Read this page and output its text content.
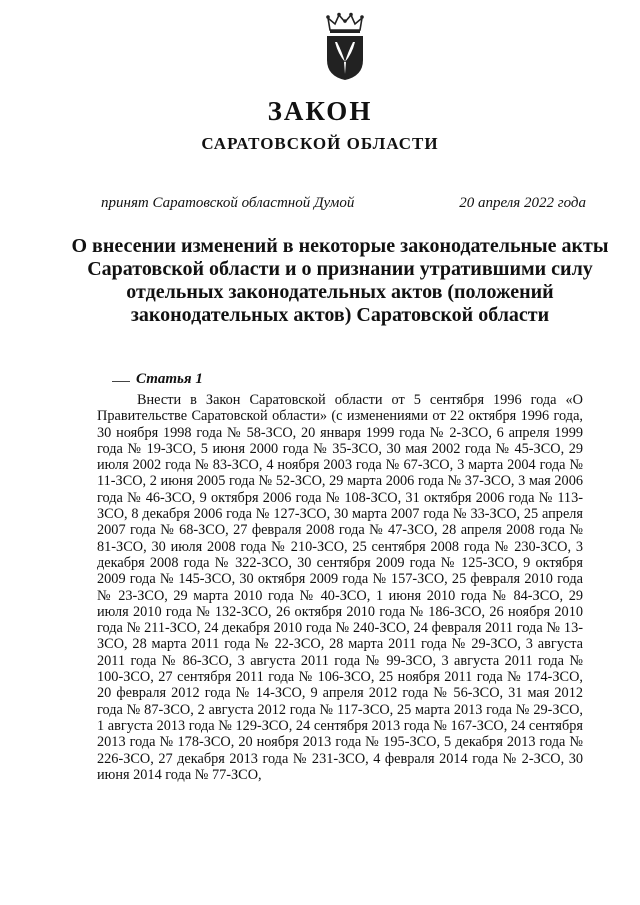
ЗАКОН
САРАТОВСКОЙ ОБЛАСТИ
принят Саратовской областной Думой	20 апреля 2022 года
О внесении изменений в некоторые законодательные акты Саратовской области и о признании утратившими силу отдельных законодательных актов (положений законодательных актов) Саратовской области
Статья 1
Внести в Закон Саратовской области от 5 сентября 1996 года «О Правительстве Саратовской области» (с изменениями от 22 октября 1996 года, 30 ноября 1998 года № 58-ЗСО, 20 января 1999 года № 2-ЗСО, 6 апреля 1999 года № 19-ЗСО, 5 июня 2000 года № 35-ЗСО, 30 мая 2002 года № 45-ЗСО, 29 июля 2002 года № 83-ЗСО, 4 ноября 2003 года № 67-ЗСО, 3 марта 2004 года № 11-ЗСО, 2 июня 2005 года № 52-ЗСО, 29 марта 2006 года № 37-ЗСО, 3 мая 2006 года № 46-ЗСО, 9 октября 2006 года № 108-ЗСО, 31 октября 2006 года № 113-ЗСО, 8 декабря 2006 года № 127-ЗСО, 30 марта 2007 года № 33-ЗСО, 25 апреля 2007 года № 68-ЗСО, 27 февраля 2008 года № 47-ЗСО, 28 апреля 2008 года № 81-ЗСО, 30 июля 2008 года № 210-ЗСО, 25 сентября 2008 года № 230-ЗСО, 3 декабря 2008 года № 322-ЗСО, 30 сентября 2009 года № 125-ЗСО, 9 октября 2009 года № 145-ЗСО, 30 октября 2009 года № 157-ЗСО, 25 февраля 2010 года № 23-ЗСО, 29 марта 2010 года № 40-ЗСО, 1 июня 2010 года № 84-ЗСО, 29 июля 2010 года № 132-ЗСО, 26 октября 2010 года № 186-ЗСО, 26 ноября 2010 года № 211-ЗСО, 24 декабря 2010 года № 240-ЗСО, 24 февраля 2011 года № 13-ЗСО, 28 марта 2011 года № 22-ЗСО, 28 марта 2011 года № 29-ЗСО, 3 августа 2011 года № 86-ЗСО, 3 августа 2011 года № 99-ЗСО, 3 августа 2011 года № 100-ЗСО, 27 сентября 2011 года № 106-ЗСО, 25 ноября 2011 года № 174-ЗСО, 20 февраля 2012 года № 14-ЗСО, 9 апреля 2012 года № 56-ЗСО, 31 мая 2012 года № 87-ЗСО, 2 августа 2012 года № 117-ЗСО, 25 марта 2013 года № 29-ЗСО, 1 августа 2013 года № 129-ЗСО, 24 сентября 2013 года № 167-ЗСО, 24 сентября 2013 года № 178-ЗСО, 20 ноября 2013 года № 195-ЗСО, 5 декабря 2013 года № 226-ЗСО, 27 декабря 2013 года № 231-ЗСО, 4 февраля 2014 года № 2-ЗСО, 30 июня 2014 года № 77-ЗСО,
